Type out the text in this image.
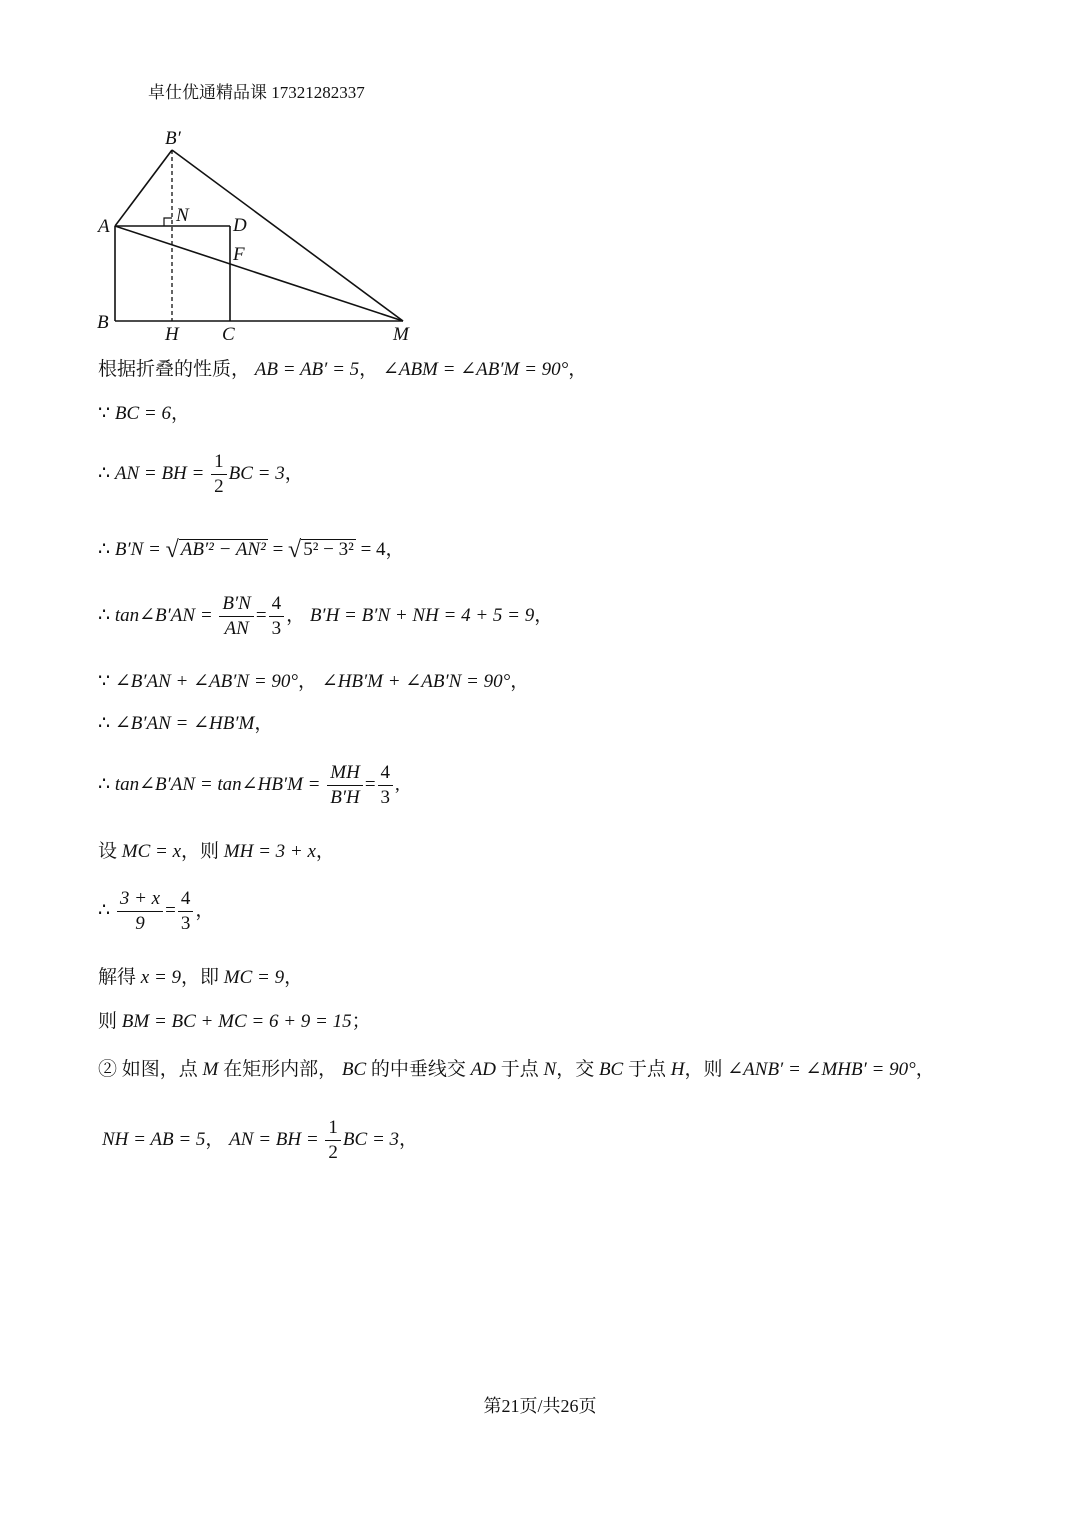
卓仕优通精品课 17321282337
B′
A
N D
F
B
H C	M
根据折叠的性质， AB = AB′ = 5， ∠ABM = ∠AB′M = 90°，
∵ BC = 6，
∴ AN = BH = $\frac{1}{2}$ BC = 3，
∴ B′N = √ AB′² − AN² = √ 5² − 3² = 4，
∴ tan∠B′AN = $\frac{B'N}{AN} = \frac{4}{3}$ ， B′H = B′N + NH = 4 + 5 = 9，
∵ ∠B′AN + ∠AB′N = 90°， ∠HB′M + ∠AB′N = 90°，
∴ ∠B′AN = ∠HB′M，
∴ tan∠B′AN = tan∠HB′M = $\frac{MH}{B'H} = \frac{4}{3}$ ,
设 MC = x，则 MH = 3 + x，
∴ $\frac{3 + x}{9} = \frac{4}{3}$ ，
解得 x = 9，即 MC = 9，
则 BM = BC + MC = 6 + 9 = 15；
② 如图，点 M 在矩形内部， BC 的中垂线交 AD 于点 N，交 BC 于点 H，则 ∠ANB′ = ∠MHB′ = 90°，
NH = AB = 5， AN = BH = $\frac{1}{2}$ BC = 3，
第21页/共26页
